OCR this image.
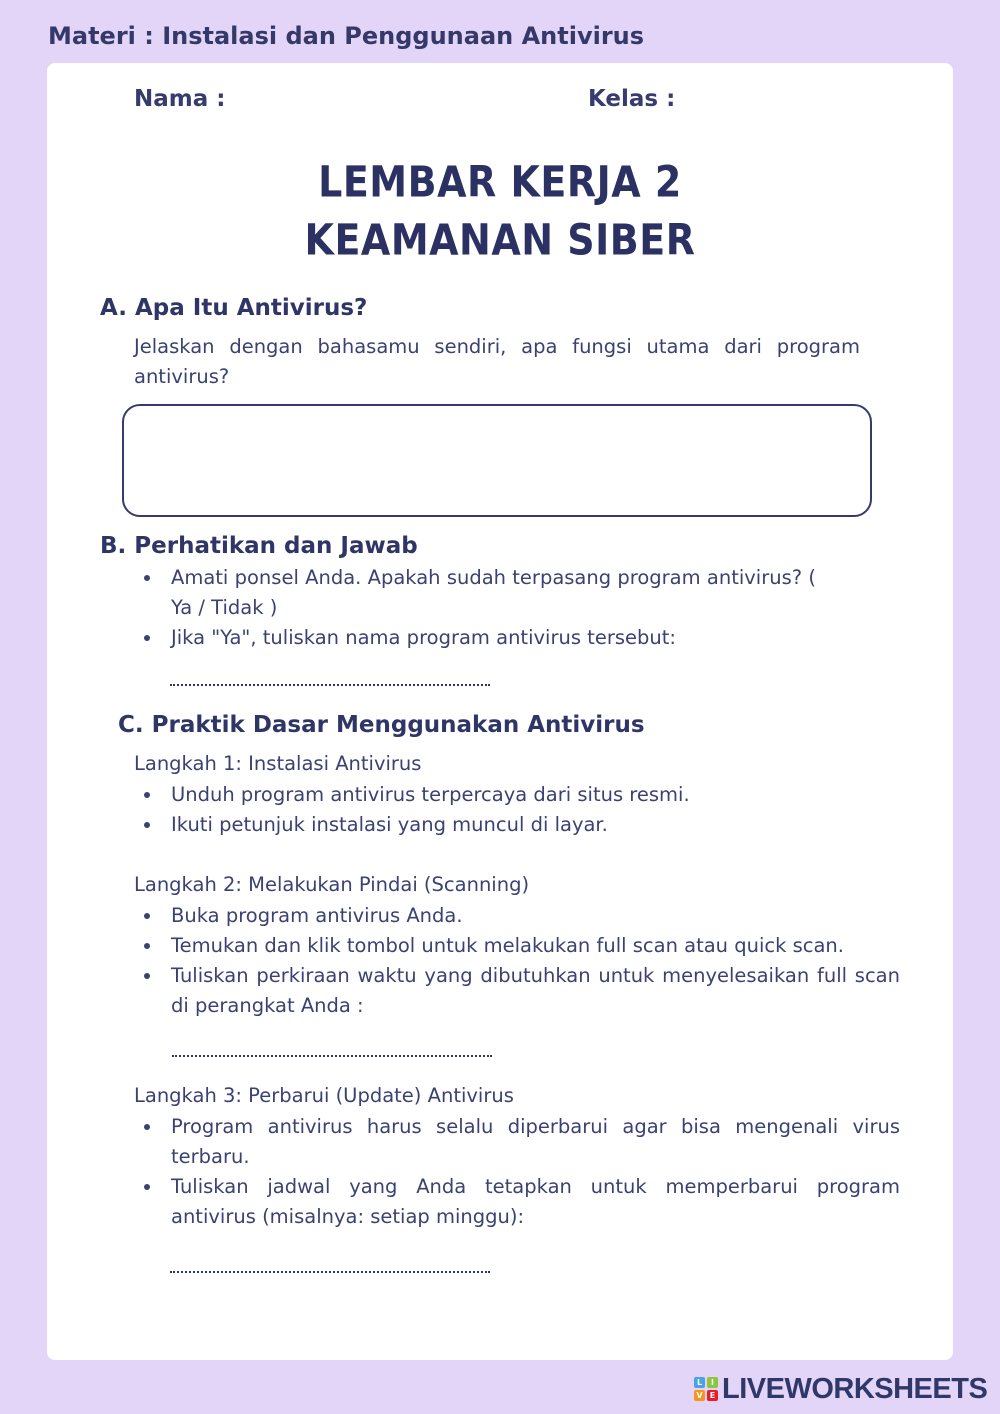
Materi : Instalasi dan Penggunaan Antivirus
Nama :	Kelas :
LEMBAR KERJA 2
KEAMANAN SIBER
A. Apa Itu Antivirus?
Jelaskan dengan bahasamu sendiri, apa fungsi utama dari program antivirus?
B. Perhatikan dan Jawab
Amati ponsel Anda. Apakah sudah terpasang program antivirus? ( Ya / Tidak )
Jika "Ya", tuliskan nama program antivirus tersebut:
C. Praktik Dasar Menggunakan Antivirus
Langkah 1: Instalasi Antivirus
Unduh program antivirus terpercaya dari situs resmi.
Ikuti petunjuk instalasi yang muncul di layar.
Langkah 2: Melakukan Pindai (Scanning)
Buka program antivirus Anda.
Temukan dan klik tombol untuk melakukan full scan atau quick scan.
Tuliskan perkiraan waktu yang dibutuhkan untuk menyelesaikan full scan di perangkat Anda :
Langkah 3: Perbarui (Update) Antivirus
Program antivirus harus selalu diperbarui agar bisa mengenali virus terbaru.
Tuliskan jadwal yang Anda tetapkan untuk memperbarui program antivirus (misalnya: setiap minggu):
L	I
V E LIVEWORKSHEETS
